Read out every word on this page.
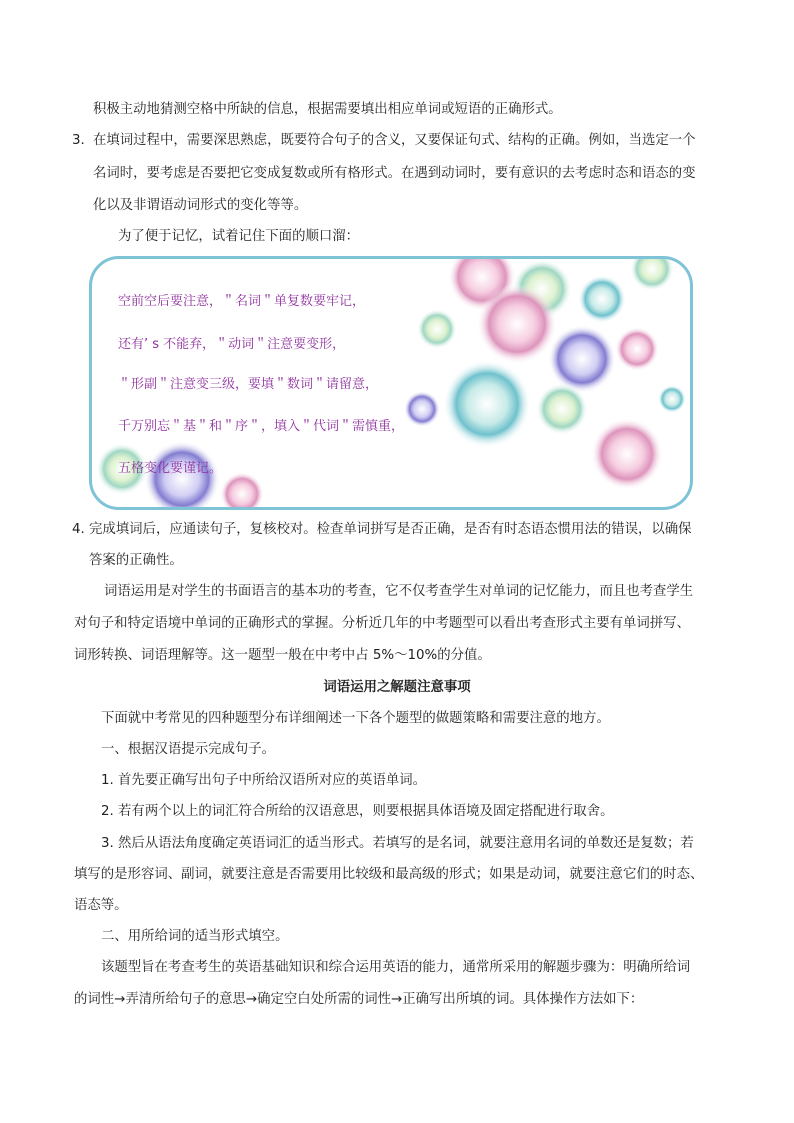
积极主动地猜测空格中所缺的信息，根据需要填出相应单词或短语的正确形式。
3. 在填词过程中，需要深思熟虑，既要符合句子的含义，又要保证句式、结构的正确。例如，当选定一个
名词时，要考虑是否要把它变成复数或所有格形式。在遇到动词时，要有意识的去考虑时态和语态的变
化以及非谓语动词形式的变化等等。
为了便于记忆，试着记住下面的顺口溜：
空前空后要注意，＂名词＂单复数要牢记，
还有’ s 不能弃，＂动词＂注意要变形，
＂形副＂注意变三级，要填＂数词＂请留意，
千万别忘＂基＂和＂序＂，填入＂代词＂需慎重，
五格变化要谨记。
4. 完成填词后，应通读句子，复核校对。检查单词拼写是否正确，是否有时态语态惯用法的错误，以确保
答案的正确性。
词语运用是对学生的书面语言的基本功的考查，它不仅考查学生对单词的记忆能力，而且也考查学生
对句子和特定语境中单词的正确形式的掌握。分析近几年的中考题型可以看出考查形式主要有单词拼写、
词形转换、词语理解等。这一题型一般在中考中占 5%～10%的分值。
词语运用之解题注意事项
下面就中考常见的四种题型分布详细阐述一下各个题型的做题策略和需要注意的地方。
一、根据汉语提示完成句子。
1. 首先要正确写出句子中所给汉语所对应的英语单词。
2. 若有两个以上的词汇符合所给的汉语意思，则要根据具体语境及固定搭配进行取舍。
3. 然后从语法角度确定英语词汇的适当形式。若填写的是名词，就要注意用名词的单数还是复数；若
填写的是形容词、副词，就要注意是否需要用比较级和最高级的形式；如果是动词，就要注意它们的时态、
语态等。
二、用所给词的适当形式填空。
该题型旨在考查考生的英语基础知识和综合运用英语的能力，通常所采用的解题步骤为：明确所给词
的词性→弄清所给句子的意思→确定空白处所需的词性→正确写出所填的词。具体操作方法如下：
